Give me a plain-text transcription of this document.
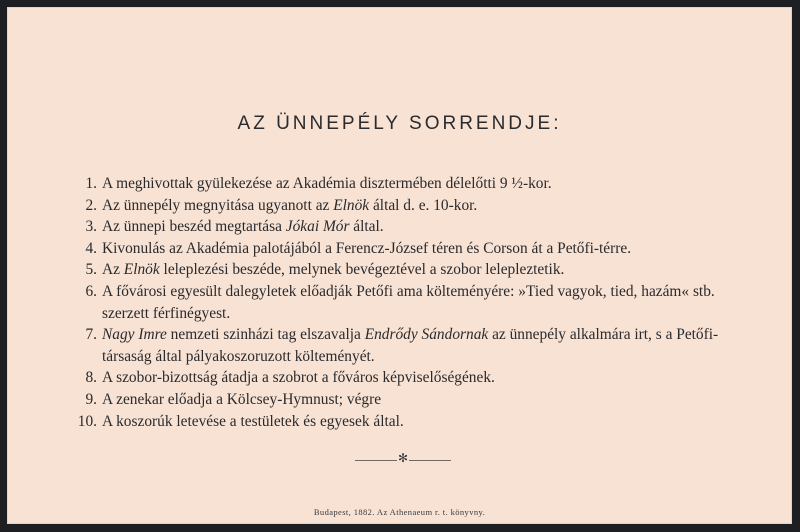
AZ ÜNNEPÉLY SORRENDJE:
1. A meghivottak gyülekezése az Akadémia disztermében délelőtti 9 ½-kor.
2. Az ünnepély megnyitása ugyanott az Elnök által d. e. 10-kor.
3. Az ünnepi beszéd megtartása Jókai Mór által.
4. Kivonulás az Akadémia palotájából a Ferencz-József téren és Corson át a Petőfi-térre.
5. Az Elnök leleplezési beszéde, melynek bevégeztével a szobor lelepleztetik.
6. A fővárosi egyesült dalegyletek előadják Petőfi ama költeményére: »Tied vagyok, tied, hazám« stb. szerzett férfinégyest.
7. Nagy Imre nemzeti szinházi tag elszavalja Endrődy Sándornak az ünnepély alkalmára irt, s a Petőfi-társaság által pályakoszoruzott költeményét.
8. A szobor-bizottság átadja a szobrot a főváros képviselőségének.
9. A zenekar előadja a Kölcsey-Hymnust; végre
10. A koszorúk letevése a testületek és egyesek által.
✻
Budapest, 1882. Az Athenaeum r. t. könyvny.
